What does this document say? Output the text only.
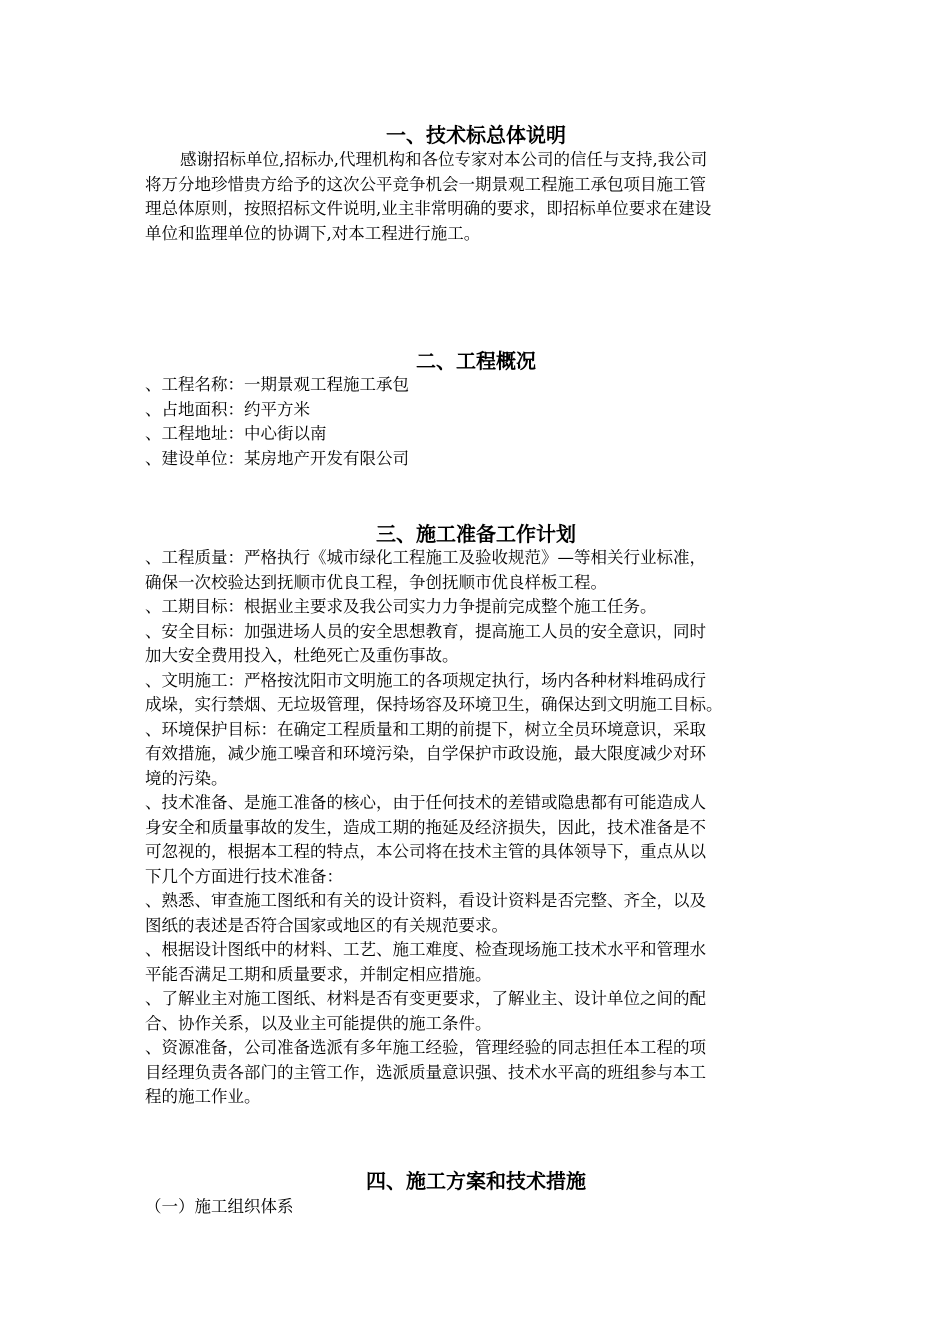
一、技术标总体说明
感谢招标单位,招标办,代理机构和各位专家对本公司的信任与支持,我公司
将万分地珍惜贵方给予的这次公平竞争机会一期景观工程施工承包项目施工管
理总体原则，按照招标文件说明,业主非常明确的要求，即招标单位要求在建设
单位和监理单位的协调下,对本工程进行施工。
二、工程概况
、工程名称：一期景观工程施工承包
、占地面积：约平方米
、工程地址：中心街以南
、建设单位：某房地产开发有限公司
三、施工准备工作计划
、工程质量：严格执行《城市绿化工程施工及验收规范》—等相关行业标准，
确保一次校验达到抚顺市优良工程，争创抚顺市优良样板工程。
、工期目标：根据业主要求及我公司实力力争提前完成整个施工任务。
、安全目标：加强进场人员的安全思想教育，提高施工人员的安全意识，同时
加大安全费用投入，杜绝死亡及重伤事故。
、文明施工：严格按沈阳市文明施工的各项规定执行，场内各种材料堆码成行
成垛，实行禁烟、无垃圾管理，保持场容及环境卫生，确保达到文明施工目标。
、环境保护目标：在确定工程质量和工期的前提下，树立全员环境意识，采取
有效措施，减少施工噪音和环境污染，自学保护市政设施，最大限度减少对环
境的污染。
、技术准备、是施工准备的核心，由于任何技术的差错或隐患都有可能造成人
身安全和质量事故的发生，造成工期的拖延及经济损失，因此，技术准备是不
可忽视的，根据本工程的特点，本公司将在技术主管的具体领导下，重点从以
下几个方面进行技术准备：
、熟悉、审查施工图纸和有关的设计资料，看设计资料是否完整、齐全，以及
图纸的表述是否符合国家或地区的有关规范要求。
、根据设计图纸中的材料、工艺、施工难度、检查现场施工技术水平和管理水
平能否满足工期和质量要求，并制定相应措施。
、了解业主对施工图纸、材料是否有变更要求，了解业主、设计单位之间的配
合、协作关系，以及业主可能提供的施工条件。
、资源准备，公司准备选派有多年施工经验，管理经验的同志担任本工程的项
目经理负责各部门的主管工作，选派质量意识强、技术水平高的班组参与本工
程的施工作业。
四、施工方案和技术措施
（一）施工组织体系
